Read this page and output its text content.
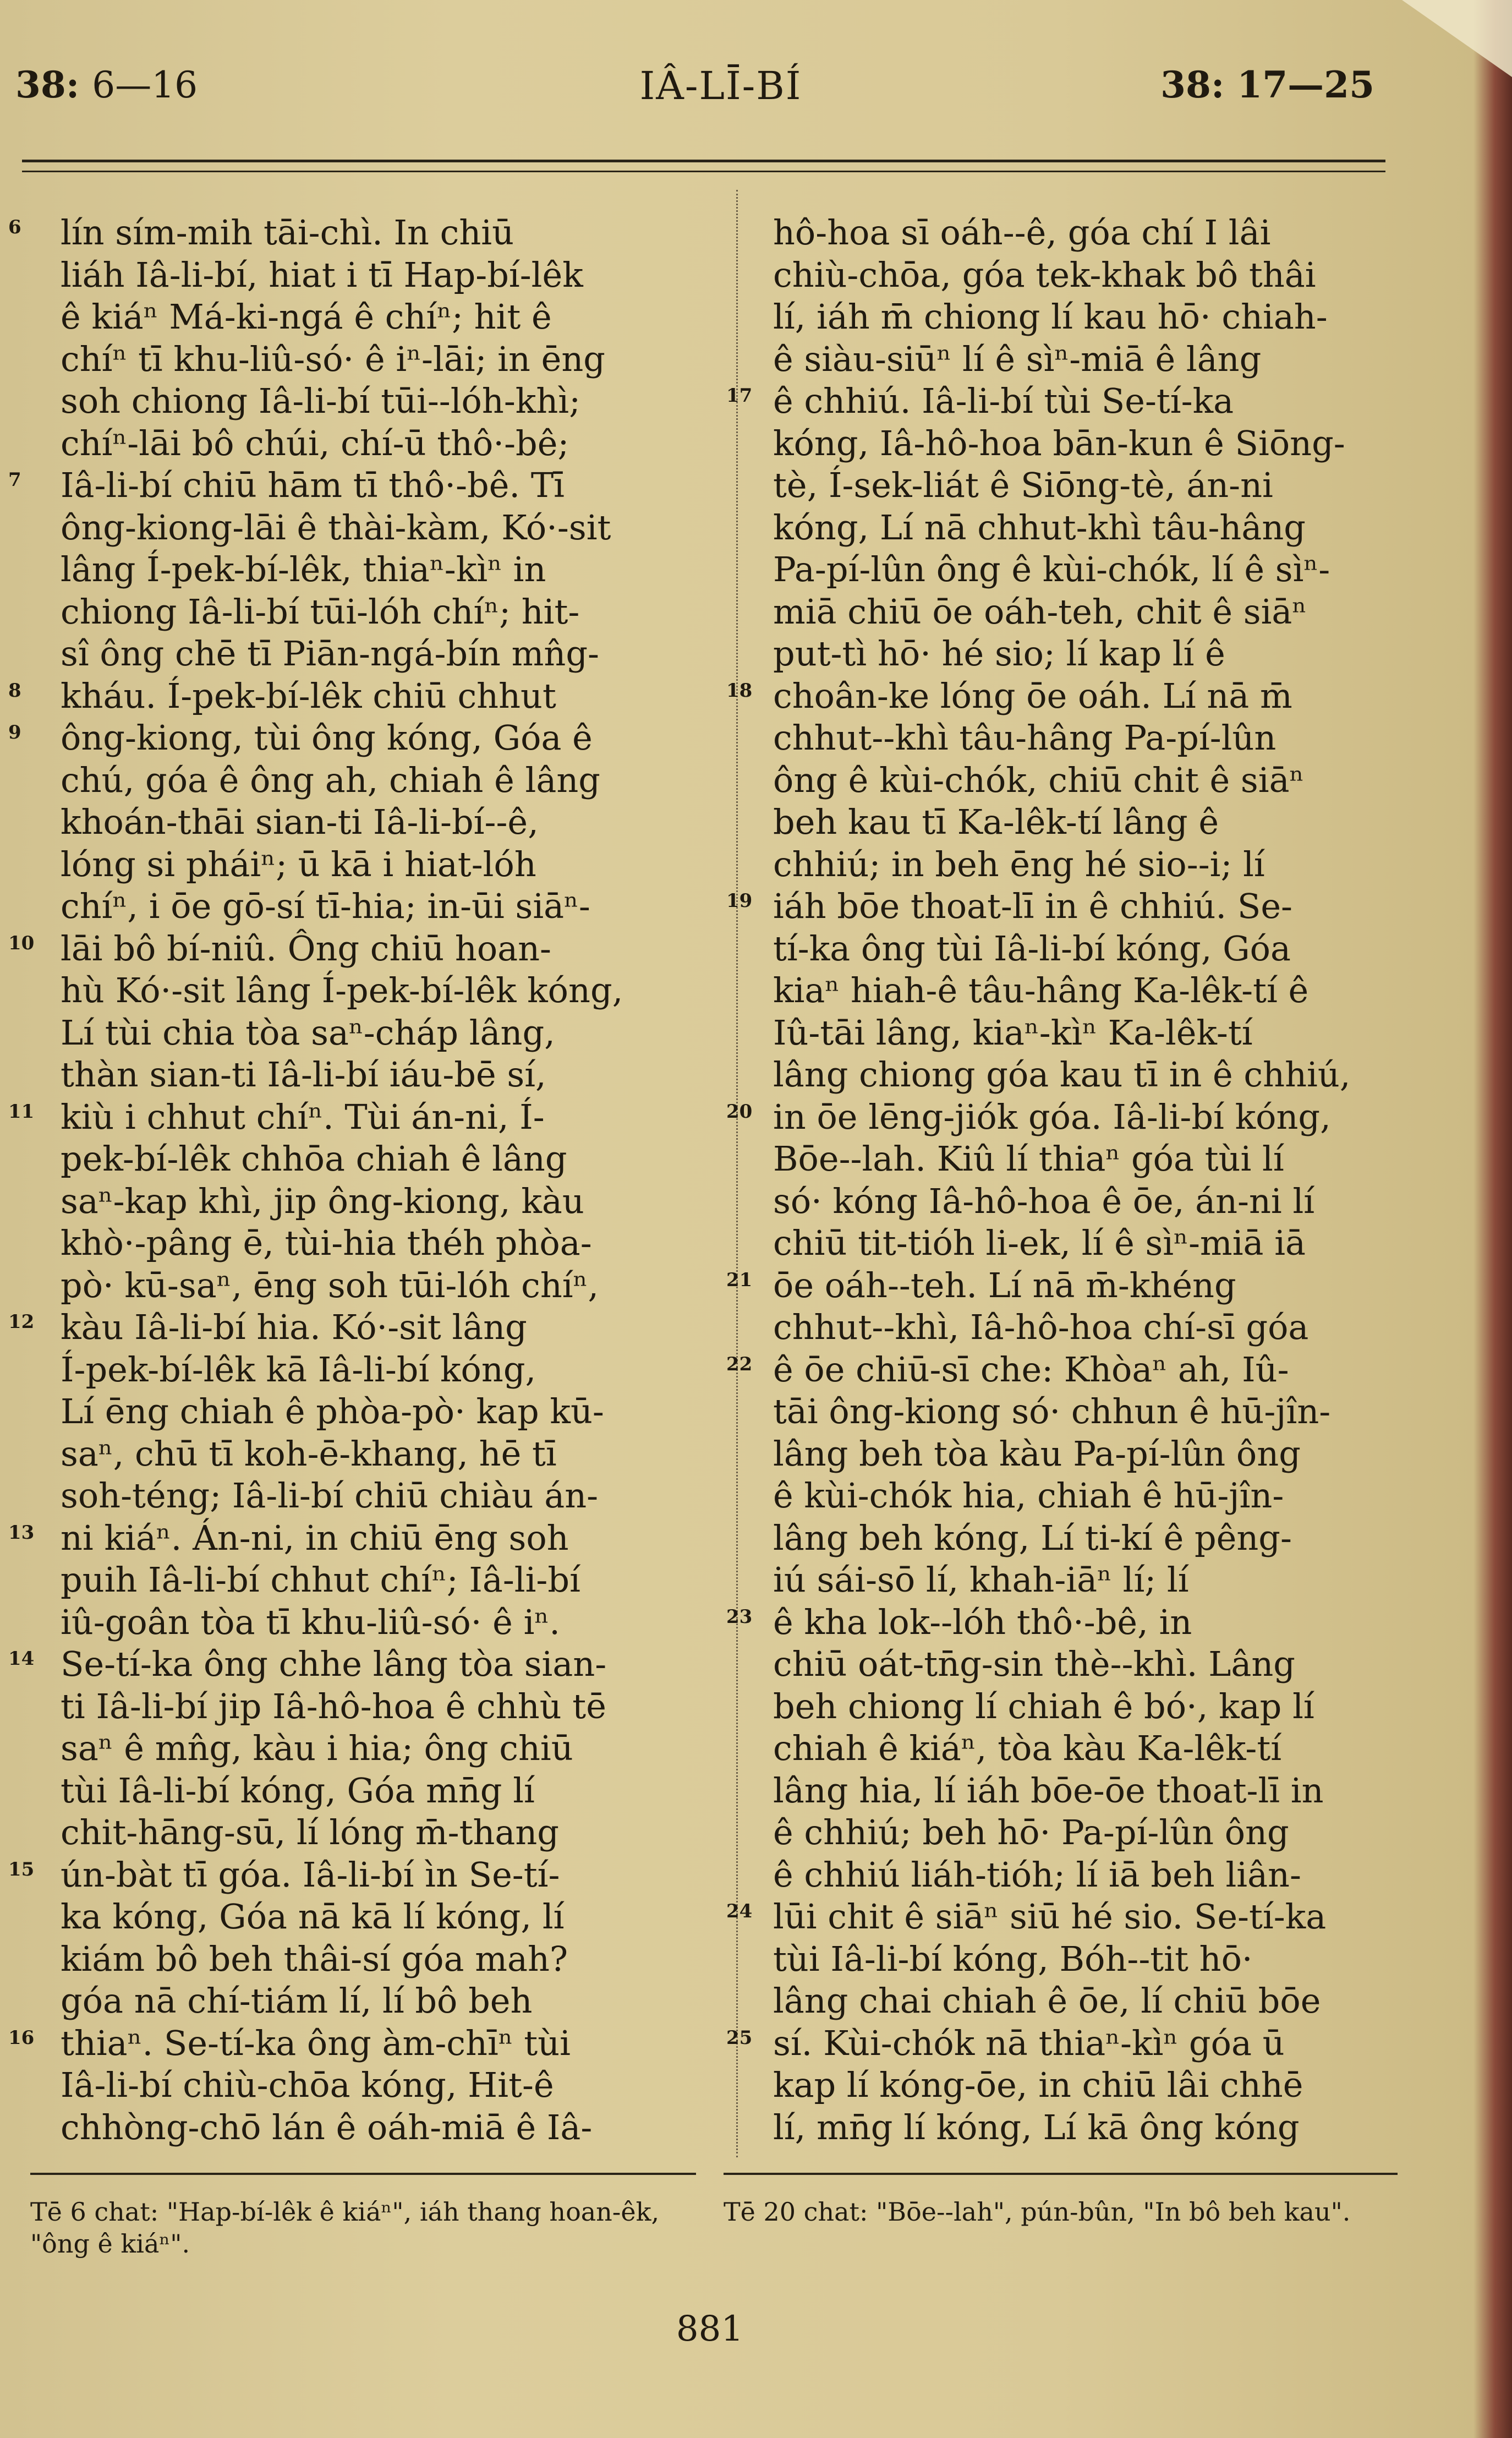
38: 6—16	IÂ-LĪ-BÍ	38: 17—25
lín sím-mih tāi-chì. In chiū
6
liáh Iâ-li-bí, hiat i tī Hap-bí-lêk
ê kiáⁿ Má-ki-ngá ê chíⁿ; hit ê
chíⁿ tī khu-liû-só· ê iⁿ-lāi; in ēng
soh chiong Iâ-li-bí tūi--lóh-khì;
chíⁿ-lāi bô chúi, chí-ū thô·-bê;
Iâ-li-bí chiū hām tī thô·-bê. Tī
7
ông-kiong-lāi ê thài-kàm, Kó·-sit
lâng Í-pek-bí-lêk, thiaⁿ-kìⁿ in
chiong Iâ-li-bí tūi-lóh chíⁿ; hit-
sî ông chē tī Piān-ngá-bín mn̂g-
kháu. Í-pek-bí-lêk chiū chhut
8
ông-kiong, tùi ông kóng, Góa ê
9
chú, góa ê ông ah, chiah ê lâng
khoán-thāi sian-ti Iâ-li-bí--ê,
lóng si pháiⁿ; ū kā i hiat-lóh
chíⁿ, i ōe gō-sí tī-hia; in-ūi siāⁿ-
lāi bô bí-niû. Ông chiū hoan-
10
hù Kó·-sit lâng Í-pek-bí-lêk kóng,
Lí tùi chia tòa saⁿ-cháp lâng,
thàn sian-ti Iâ-li-bí iáu-bē sí,
kiù i chhut chíⁿ. Tùi án-ni, Í-
11
pek-bí-lêk chhōa chiah ê lâng
saⁿ-kap khì, jip ông-kiong, kàu
khò·-pâng ē, tùi-hia théh phòa-
pò· kū-saⁿ, ēng soh tūi-lóh chíⁿ,
kàu Iâ-li-bí hia. Kó·-sit lâng
12
Í-pek-bí-lêk kā Iâ-li-bí kóng,
Lí ēng chiah ê phòa-pò· kap kū-
saⁿ, chū tī koh-ē-khang, hē tī
soh-téng; Iâ-li-bí chiū chiàu án-
ni kiáⁿ. Án-ni, in chiū ēng soh
13
puih Iâ-li-bí chhut chíⁿ; Iâ-li-bí
iû-goân tòa tī khu-liû-só· ê iⁿ.
Se-tí-ka ông chhe lâng tòa sian-
14
ti Iâ-li-bí jip Iâ-hô-hoa ê chhù tē
saⁿ ê mn̂g, kàu i hia; ông chiū
tùi Iâ-li-bí kóng, Góa mn̄g lí
chit-hāng-sū, lí lóng m̄-thang
ún-bàt tī góa. Iâ-li-bí ìn Se-tí-
15
ka kóng, Góa nā kā lí kóng, lí
kiám bô beh thâi-sí góa mah?
góa nā chí-tiám lí, lí bô beh
thiaⁿ. Se-tí-ka ông àm-chīⁿ tùi
16
Iâ-li-bí chiù-chōa kóng, Hit-ê
chhòng-chō lán ê oáh-miā ê Iâ-
hô-hoa sī oáh--ê, góa chí I lâi
chiù-chōa, góa tek-khak bô thâi
lí, iáh m̄ chiong lí kau hō· chiah-
ê siàu-siūⁿ lí ê sìⁿ-miā ê lâng
ê chhiú. Iâ-li-bí tùi Se-tí-ka
17
kóng, Iâ-hô-hoa bān-kun ê Siōng-
tè, Í-sek-liát ê Siōng-tè, án-ni
kóng, Lí nā chhut-khì tâu-hâng
Pa-pí-lûn ông ê kùi-chók, lí ê sìⁿ-
miā chiū ōe oáh-teh, chit ê siāⁿ
put-tì hō· hé sio; lí kap lí ê
choân-ke lóng ōe oáh. Lí nā m̄
18
chhut--khì tâu-hâng Pa-pí-lûn
ông ê kùi-chók, chiū chit ê siāⁿ
beh kau tī Ka-lêk-tí lâng ê
chhiú; in beh ēng hé sio--i; lí
iáh bōe thoat-lī in ê chhiú. Se-
19
tí-ka ông tùi Iâ-li-bí kóng, Góa
kiaⁿ hiah-ê tâu-hâng Ka-lêk-tí ê
Iû-tāi lâng, kiaⁿ-kìⁿ Ka-lêk-tí
lâng chiong góa kau tī in ê chhiú,
in ōe lēng-jiók góa. Iâ-li-bí kóng,
20
Bōe--lah. Kiû lí thiaⁿ góa tùi lí
só· kóng Iâ-hô-hoa ê ōe, án-ni lí
chiū tit-tióh li-ek, lí ê sìⁿ-miā iā
ōe oáh--teh. Lí nā m̄-khéng
21
chhut--khì, Iâ-hô-hoa chí-sī góa
ê ōe chiū-sī che: Khòaⁿ ah, Iû-
22
tāi ông-kiong só· chhun ê hū-jîn-
lâng beh tòa kàu Pa-pí-lûn ông
ê kùi-chók hia, chiah ê hū-jîn-
lâng beh kóng, Lí ti-kí ê pêng-
iú sái-sō lí, khah-iāⁿ lí; lí
ê kha lok--lóh thô·-bê, in
23
chiū oát-tn̄g-sin thè--khì. Lâng
beh chiong lí chiah ê bó·, kap lí
chiah ê kiáⁿ, tòa kàu Ka-lêk-tí
lâng hia, lí iáh bōe-ōe thoat-lī in
ê chhiú; beh hō· Pa-pí-lûn ông
ê chhiú liáh-tióh; lí iā beh liân-
lūi chit ê siāⁿ siū hé sio. Se-tí-ka
24
tùi Iâ-li-bí kóng, Bóh--tit hō·
lâng chai chiah ê ōe, lí chiū bōe
sí. Kùi-chók nā thiaⁿ-kìⁿ góa ū
25
kap lí kóng-ōe, in chiū lâi chhē
lí, mn̄g lí kóng, Lí kā ông kóng
Tē 6 chat: "Hap-bí-lêk ê kiáⁿ", iáh thang hoan-êk, "ông ê kiáⁿ".
Tē 20 chat: "Bōe--lah", pún-bûn, "In bô beh kau".
881
